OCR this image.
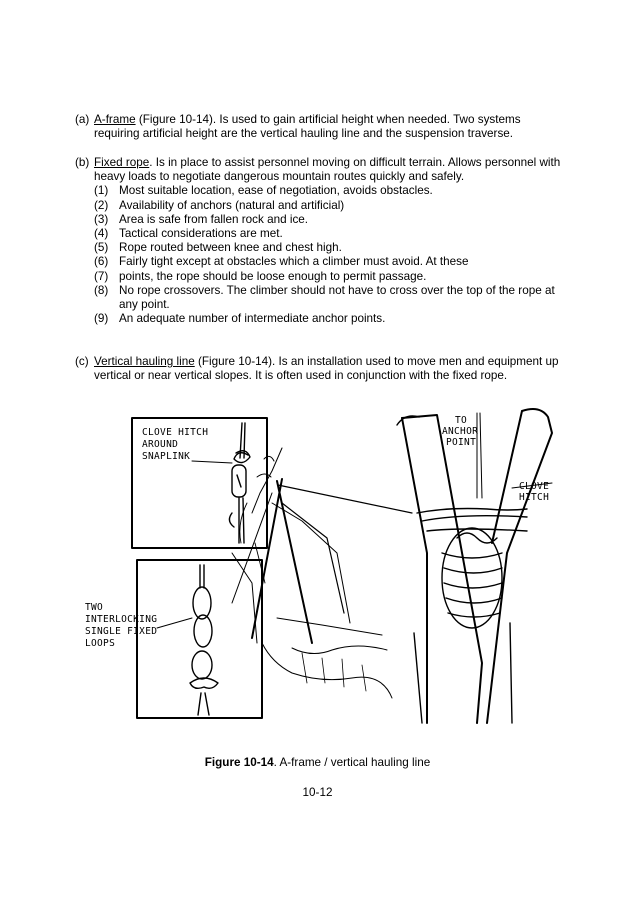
(a) A-frame (Figure 10-14). Is used to gain artificial height when needed. Two systems requiring artificial height are the vertical hauling line and the suspension traverse.
(b) Fixed rope. Is in place to assist personnel moving on difficult terrain. Allows personnel with heavy loads to negotiate dangerous mountain routes quickly and safely.
(1) Most suitable location, ease of negotiation, avoids obstacles.
(2) Availability of anchors (natural and artificial)
(3) Area is safe from fallen rock and ice.
(4) Tactical considerations are met.
(5) Rope routed between knee and chest high.
(6) Fairly tight except at obstacles which a climber must avoid. At these
(7) points, the rope should be loose enough to permit passage.
(8) No rope crossovers. The climber should not have to cross over the top of the rope at any point.
(9) An adequate number of intermediate anchor points.
(c) Vertical hauling line (Figure 10-14). Is an installation used to move men and equipment up vertical or near vertical slopes. It is often used in conjunction with the fixed rope.
CLOVE HITCH
AROUND
SNAPLINK
TO
ANCHOR
POINT
CLOVE
HITCH
TWO
INTERLOCKING
SINGLE FIXED
LOOPS
Figure 10-14. A-frame / vertical hauling line
10-12
